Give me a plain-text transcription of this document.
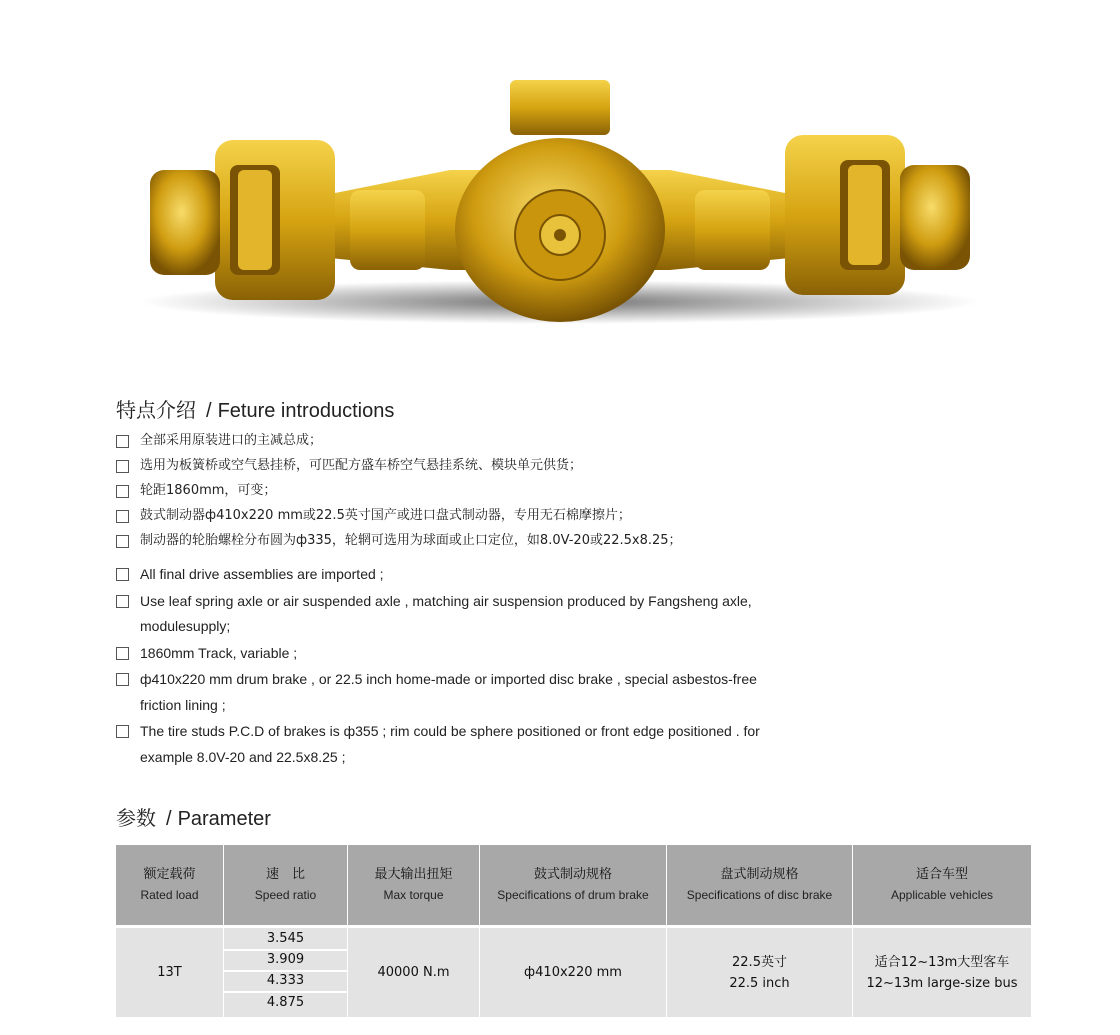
特点介绍 / Feture introductions
全部采用原装进口的主减总成；
选用为板簧桥或空气悬挂桥，可匹配方盛车桥空气悬挂系统、模块单元供货；
轮距1860mm，可变；
鼓式制动器ф410x220 mm或22.5英寸国产或进口盘式制动器，专用无石棉摩擦片；
制动器的轮胎螺栓分布圆为ф335，轮辋可选用为球面或止口定位，如8.0V-20或22.5x8.25；
All final drive assemblies are imported ;
Use leaf spring axle or air suspended axle , matching air suspension produced by Fangsheng axle, modulesupply;
1860mm Track, variable ;
ф410x220 mm drum brake , or 22.5 inch home-made or imported disc brake , special asbestos-free friction lining ;
The tire studs P.C.D of brakes is ф355 ; rim could be sphere positioned or front edge positioned . for example 8.0V-20 and 22.5x8.25 ;
参数 / Parameter
额定载荷
Rated load
速　比
Speed ratio
最大输出扭矩
Max torque
鼓式制动规格
Specifications of drum brake
盘式制动规格
Specifications of disc brake
适合车型
Applicable vehicles
13T
3.545
3.909
4.333
4.875
40000 N.m	ф410x220 mm
22.5英寸
22.5 inch
适合12~13m大型客车
12~13m large-size bus
